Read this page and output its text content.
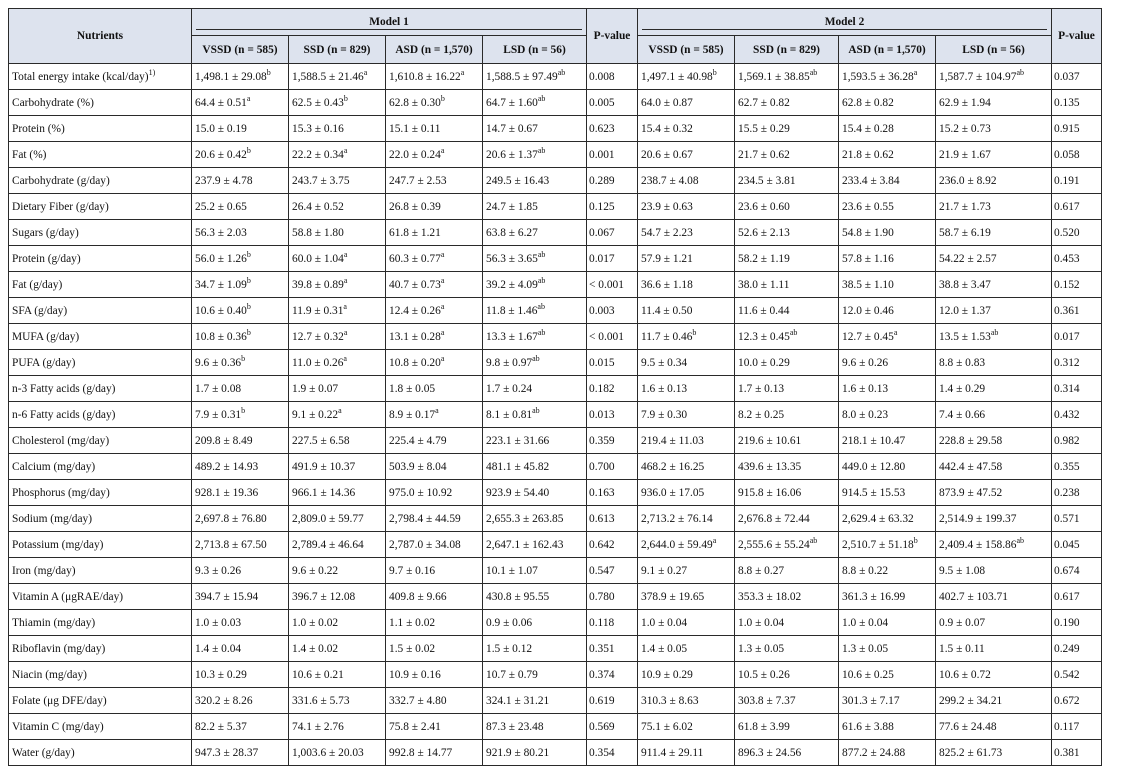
Nutrients	Model 1				P-value	Model 2				P-value
	VSSD (n = 585)	SSD (n = 829)	ASD (n = 1,570)	LSD (n = 56)		VSSD (n = 585)	SSD (n = 829)	ASD (n = 1,570)	LSD (n = 56)	
Total energy intake (kcal/day)$^{1)}$	1,498.1 ± 29.08$^b$	1,588.5 ± 21.46$^a$	1,610.8 ± 16.22$^a$	1,588.5 ± 97.49$^{ab}$	0.008	1,497.1 ± 40.98$^b$	1,569.1 ± 38.85$^{ab}$	1,593.5 ± 36.28$^a$	1,587.7 ± 104.97$^{ab}$	0.037
Carbohydrate (%)	64.4 ± 0.51$^a$	62.5 ± 0.43$^b$	62.8 ± 0.30$^b$	64.7 ± 1.60$^{ab}$	0.005	64.0 ± 0.87	62.7 ± 0.82	62.8 ± 0.82	62.9 ± 1.94	0.135
Protein (%)	15.0 ± 0.19	15.3 ± 0.16	15.1 ± 0.11	14.7 ± 0.67	0.623	15.4 ± 0.32	15.5 ± 0.29	15.4 ± 0.28	15.2 ± 0.73	0.915
Fat (%)	20.6 ± 0.42$^b$	22.2 ± 0.34$^a$	22.0 ± 0.24$^a$	20.6 ± 1.37$^{ab}$	0.001	20.6 ± 0.67	21.7 ± 0.62	21.8 ± 0.62	21.9 ± 1.67	0.058
Carbohydrate (g/day)	237.9 ± 4.78	243.7 ± 3.75	247.7 ± 2.53	249.5 ± 16.43	0.289	238.7 ± 4.08	234.5 ± 3.81	233.4 ± 3.84	236.0 ± 8.92	0.191
Dietary Fiber (g/day)	25.2 ± 0.65	26.4 ± 0.52	26.8 ± 0.39	24.7 ± 1.85	0.125	23.9 ± 0.63	23.6 ± 0.60	23.6 ± 0.55	21.7 ± 1.73	0.617
Sugars (g/day)	56.3 ± 2.03	58.8 ± 1.80	61.8 ± 1.21	63.8 ± 6.27	0.067	54.7 ± 2.23	52.6 ± 2.13	54.8 ± 1.90	58.7 ± 6.19	0.520
Protein (g/day)	56.0 ± 1.26$^b$	60.0 ± 1.04$^a$	60.3 ± 0.77$^a$	56.3 ± 3.65$^{ab}$	0.017	57.9 ± 1.21	58.2 ± 1.19	57.8 ± 1.16	54.22 ± 2.57	0.453
Fat (g/day)	34.7 ± 1.09$^b$	39.8 ± 0.89$^a$	40.7 ± 0.73$^a$	39.2 ± 4.09$^{ab}$	< 0.001	36.6 ± 1.18	38.0 ± 1.11	38.5 ± 1.10	38.8 ± 3.47	0.152
SFA (g/day)	10.6 ± 0.40$^b$	11.9 ± 0.31$^a$	12.4 ± 0.26$^a$	11.8 ± 1.46$^{ab}$	0.003	11.4 ± 0.50	11.6 ± 0.44	12.0 ± 0.46	12.0 ± 1.37	0.361
MUFA (g/day)	10.8 ± 0.36$^b$	12.7 ± 0.32$^a$	13.1 ± 0.28$^a$	13.3 ± 1.67$^{ab}$	< 0.001	11.7 ± 0.46$^b$	12.3 ± 0.45$^{ab}$	12.7 ± 0.45$^a$	13.5 ± 1.53$^{ab}$	0.017
PUFA (g/day)	9.6 ± 0.36$^b$	11.0 ± 0.26$^a$	10.8 ± 0.20$^a$	9.8 ± 0.97$^{ab}$	0.015	9.5 ± 0.34	10.0 ± 0.29	9.6 ± 0.26	8.8 ± 0.83	0.312
n-3 Fatty acids (g/day)	1.7 ± 0.08	1.9 ± 0.07	1.8 ± 0.05	1.7 ± 0.24	0.182	1.6 ± 0.13	1.7 ± 0.13	1.6 ± 0.13	1.4 ± 0.29	0.314
n-6 Fatty acids (g/day)	7.9 ± 0.31$^b$	9.1 ± 0.22$^a$	8.9 ± 0.17$^a$	8.1 ± 0.81$^{ab}$	0.013	7.9 ± 0.30	8.2 ± 0.25	8.0 ± 0.23	7.4 ± 0.66	0.432
Cholesterol (mg/day)	209.8 ± 8.49	227.5 ± 6.58	225.4 ± 4.79	223.1 ± 31.66	0.359	219.4 ± 11.03	219.6 ± 10.61	218.1 ± 10.47	228.8 ± 29.58	0.982
Calcium (mg/day)	489.2 ± 14.93	491.9 ± 10.37	503.9 ± 8.04	481.1 ± 45.82	0.700	468.2 ± 16.25	439.6 ± 13.35	449.0 ± 12.80	442.4 ± 47.58	0.355
Phosphorus (mg/day)	928.1 ± 19.36	966.1 ± 14.36	975.0 ± 10.92	923.9 ± 54.40	0.163	936.0 ± 17.05	915.8 ± 16.06	914.5 ± 15.53	873.9 ± 47.52	0.238
Sodium (mg/day)	2,697.8 ± 76.80	2,809.0 ± 59.77	2,798.4 ± 44.59	2,655.3 ± 263.85	0.613	2,713.2 ± 76.14	2,676.8 ± 72.44	2,629.4 ± 63.32	2,514.9 ± 199.37	0.571
Potassium (mg/day)	2,713.8 ± 67.50	2,789.4 ± 46.64	2,787.0 ± 34.08	2,647.1 ± 162.43	0.642	2,644.0 ± 59.49$^a$	2,555.6 ± 55.24$^{ab}$	2,510.7 ± 51.18$^b$	2,409.4 ± 158.86$^{ab}$	0.045
Iron (mg/day)	9.3 ± 0.26	9.6 ± 0.22	9.7 ± 0.16	10.1 ± 1.07	0.547	9.1 ± 0.27	8.8 ± 0.27	8.8 ± 0.22	9.5 ± 1.08	0.674
Vitamin A (μgRAE/day)	394.7 ± 15.94	396.7 ± 12.08	409.8 ± 9.66	430.8 ± 95.55	0.780	378.9 ± 19.65	353.3 ± 18.02	361.3 ± 16.99	402.7 ± 103.71	0.617
Thiamin (mg/day)	1.0 ± 0.03	1.0 ± 0.02	1.1 ± 0.02	0.9 ± 0.06	0.118	1.0 ± 0.04	1.0 ± 0.04	1.0 ± 0.04	0.9 ± 0.07	0.190
Riboflavin (mg/day)	1.4 ± 0.04	1.4 ± 0.02	1.5 ± 0.02	1.5 ± 0.12	0.351	1.4 ± 0.05	1.3 ± 0.05	1.3 ± 0.05	1.5 ± 0.11	0.249
Niacin (mg/day)	10.3 ± 0.29	10.6 ± 0.21	10.9 ± 0.16	10.7 ± 0.79	0.374	10.9 ± 0.29	10.5 ± 0.26	10.6 ± 0.25	10.6 ± 0.72	0.542
Folate (μg DFE/day)	320.2 ± 8.26	331.6 ± 5.73	332.7 ± 4.80	324.1 ± 31.21	0.619	310.3 ± 8.63	303.8 ± 7.37	301.3 ± 7.17	299.2 ± 34.21	0.672
Vitamin C (mg/day)	82.2 ± 5.37	74.1 ± 2.76	75.8 ± 2.41	87.3 ± 23.48	0.569	75.1 ± 6.02	61.8 ± 3.99	61.6 ± 3.88	77.6 ± 24.48	0.117
Water (g/day)	947.3 ± 28.37	1,003.6 ± 20.03	992.8 ± 14.77	921.9 ± 80.21	0.354	911.4 ± 29.11	896.3 ± 24.56	877.2 ± 24.88	825.2 ± 61.73	0.381
